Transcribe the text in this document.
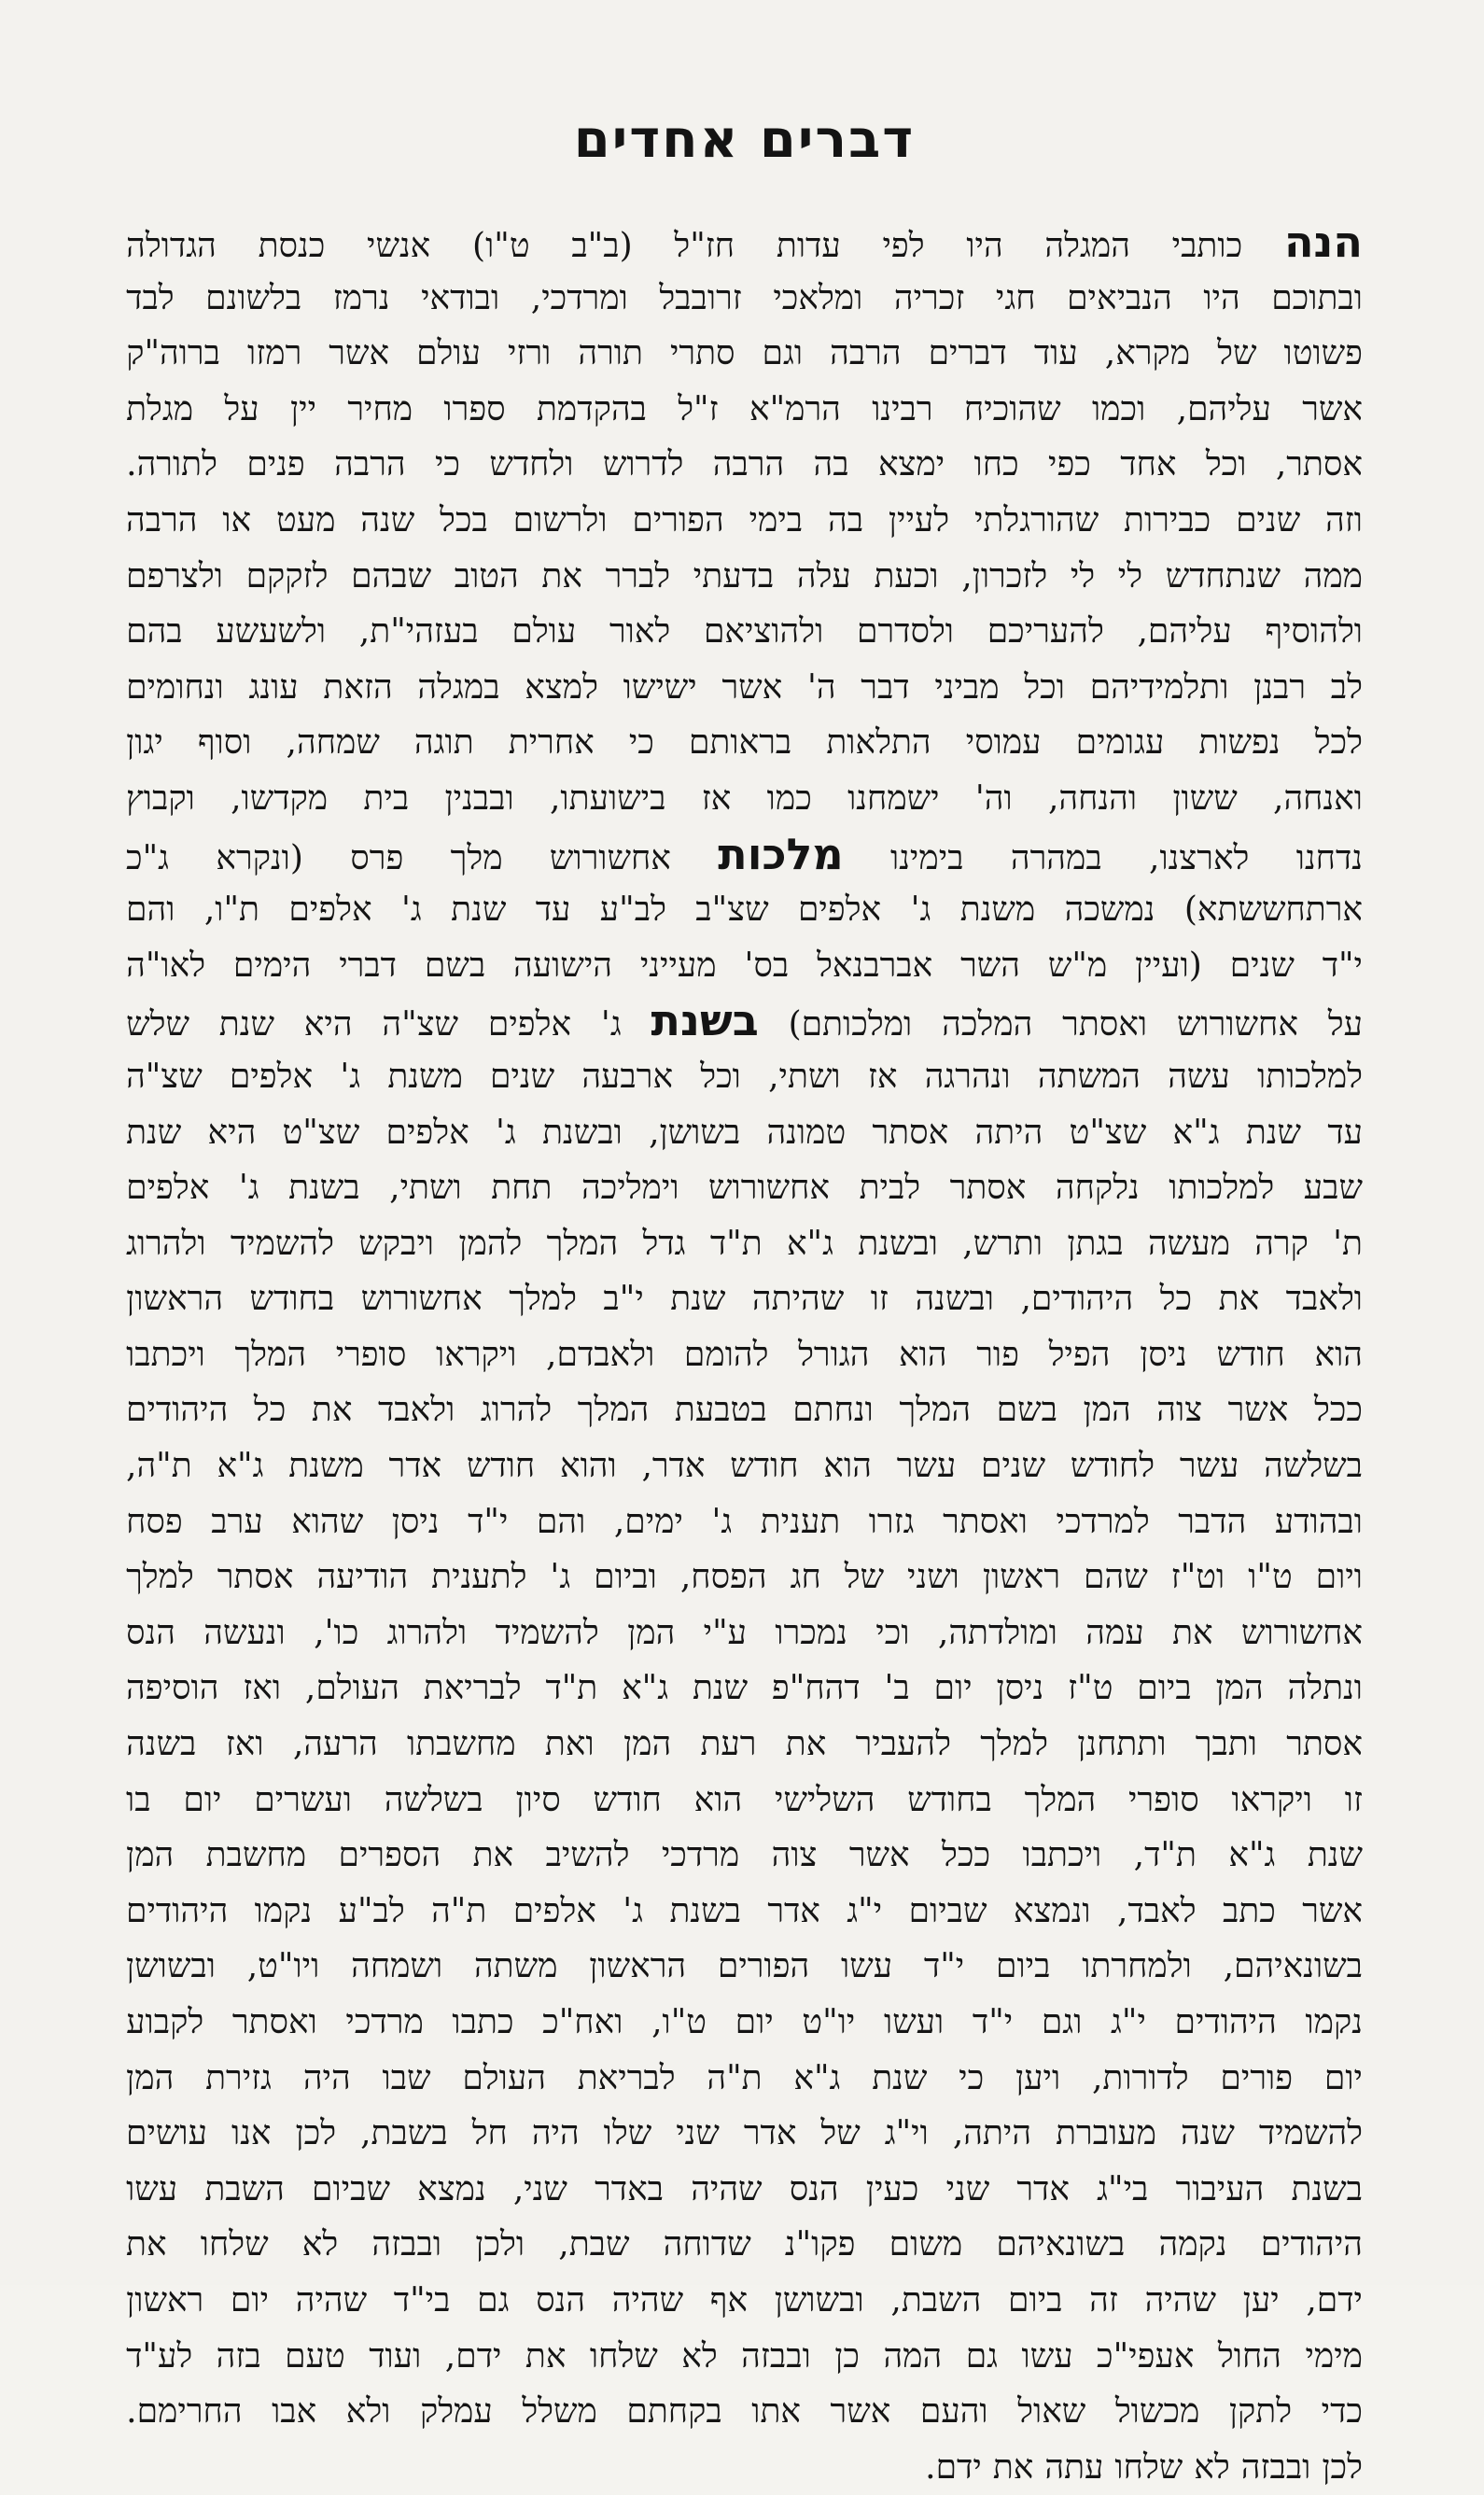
דברים אחדים
הנה
כותבי
המגלה
היו
לפי
עדות
חז"ל
(ב"ב
ט"ו)
אנשי
כנסת
הגדולה
ובתוכם
היו
הנביאים
חגי
זכריה
ומלאכי
זרובבל
ומרדכי,
ובודאי
נרמז
בלשונם
לבד
פשוטו
של
מקרא,
עוד
דברים
הרבה
וגם
סתרי
תורה
ורזי
עולם
אשר
רמזו
ברוה"ק
אשר
עליהם,
וכמו
שהוכיח
רבינו
הרמ"א
ז"ל
בהקדמת
ספרו
מחיר
יין
על
מגלת
אסתר,
וכל
אחד
כפי
כחו
ימצא
בה
הרבה
לדרוש
ולחדש
כי
הרבה
פנים
לתורה.
וזה
שנים
כבירות
שהורגלתי
לעיין
בה
בימי
הפורים
ולרשום
בכל
שנה
מעט
או
הרבה
ממה
שנתחדש
לי
לי
לזכרון,
וכעת
עלה
בדעתי
לברר
את
הטוב
שבהם
לזקקם
ולצרפם
ולהוסיף
עליהם,
להעריכם
ולסדרם
ולהוציאם
לאור
עולם
בעזהי"ת,
ולשעשע
בהם
לב
רבנן
ותלמידיהם
וכל
מביני
דבר
ה'
אשר
ישישו
למצא
במגלה
הזאת
עונג
ונחומים
לכל
נפשות
עגומים
עמוסי
התלאות
בראותם
כי
אחרית
תוגה
שמחה,
וסוף
יגון
ואנחה,
ששון
והנחה,
וה'
ישמחנו
כמו
אז
בישועתו,
ובבנין
בית
מקדשו,
וקבוץ
נדחנו
לארצנו,
במהרה
בימינו
מלכות
אחשורוש
מלך
פרס
(ונקרא
ג"כ
ארתחששתא)
נמשכה
משנת
ג'
אלפים
שצ"ב
לב"ע
עד
שנת
ג'
אלפים
ת"ו,
והם
י"ד
שנים
(ועיין
מ"ש
השר
אברבנאל
בס'
מעייני
הישועה
בשם
דברי
הימים
לאו"ה
על
אחשורוש
ואסתר
המלכה
ומלכותם)
בשנת
ג'
אלפים
שצ"ה
היא
שנת
שלש
למלכותו
עשה
המשתה
ונהרגה
אז
ושתי,
וכל
ארבעה
שנים
משנת
ג'
אלפים
שצ"ה
עד
שנת
ג"א
שצ"ט
היתה
אסתר
טמונה
בשושן,
ובשנת
ג'
אלפים
שצ"ט
היא
שנת
שבע
למלכותו
נלקחה
אסתר
לבית
אחשורוש
וימליכה
תחת
ושתי,
בשנת
ג'
אלפים
ת'
קרה
מעשה
בגתן
ותרש,
ובשנת
ג"א
ת"ד
גדל
המלך
להמן
ויבקש
להשמיד
ולהרוג
ולאבד
את
כל
היהודים,
ובשנה
זו
שהיתה
שנת
י"ב
למלך
אחשורוש
בחודש
הראשון
הוא
חודש
ניסן
הפיל
פור
הוא
הגורל
להומם
ולאבדם,
ויקראו
סופרי
המלך
ויכתבו
ככל
אשר
צוה
המן
בשם
המלך
ונחתם
בטבעת
המלך
להרוג
ולאבד
את
כל
היהודים
בשלשה
עשר
לחודש
שנים
עשר
הוא
חודש
אדר,
והוא
חודש
אדר
משנת
ג"א
ת"ה,
ובהודע
הדבר
למרדכי
ואסתר
גזרו
תענית
ג'
ימים,
והם
י"ד
ניסן
שהוא
ערב
פסח
ויום
ט"ו
וט"ז
שהם
ראשון
ושני
של
חג
הפסח,
וביום
ג'
לתענית
הודיעה
אסתר
למלך
אחשורוש
את
עמה
ומולדתה,
וכי
נמכרו
ע"י
המן
להשמיד
ולהרוג
כו',
ונעשה
הנס
ונתלה
המן
ביום
ט"ז
ניסן
יום
ב'
דהח"פ
שנת
ג"א
ת"ד
לבריאת
העולם,
ואז
הוסיפה
אסתר
ותבך
ותתחנן
למלך
להעביר
את
רעת
המן
ואת
מחשבתו
הרעה,
ואז
בשנה
זו
ויקראו
סופרי
המלך
בחודש
השלישי
הוא
חודש
סיון
בשלשה
ועשרים
יום
בו
שנת
ג"א
ת"ד,
ויכתבו
ככל
אשר
צוה
מרדכי
להשיב
את
הספרים
מחשבת
המן
אשר
כתב
לאבד,
ונמצא
שביום
י"ג
אדר
בשנת
ג'
אלפים
ת"ה
לב"ע
נקמו
היהודים
בשונאיהם,
ולמחרתו
ביום
י"ד
עשו
הפורים
הראשון
משתה
ושמחה
ויו"ט,
ובשושן
נקמו
היהודים
י"ג
וגם
י"ד
ועשו
יו"ט
יום
ט"ו,
ואח"כ
כתבו
מרדכי
ואסתר
לקבוע
יום
פורים
לדורות,
ויען
כי
שנת
ג"א
ת"ה
לבריאת
העולם
שבו
היה
גזירת
המן
להשמיד
שנה
מעוברת
היתה,
וי"ג
של
אדר
שני
שלו
היה
חל
בשבת,
לכן
אנו
עושים
בשנת
העיבור
בי"ג
אדר
שני
כעין
הנס
שהיה
באדר
שני,
נמצא
שביום
השבת
עשו
היהודים
נקמה
בשונאיהם
משום
פקו"נ
שדוחה
שבת,
ולכן
ובבזה
לא
שלחו
את
ידם,
יען
שהיה
זה
ביום
השבת,
ובשושן
אף
שהיה
הנס
גם
בי"ד
שהיה
יום
ראשון
מימי
החול
אעפי"כ
עשו
גם
המה
כן
ובבזה
לא
שלחו
את
ידם,
ועוד
טעם
בזה
לע"ד
כדי
לתקן
מכשול
שאול
והעם
אשר
אתו
בקחתם
משלל
עמלק
ולא
אבו
החרימם.
לכן
ובבזה
לא
שלחו
עתה
את
ידם.
